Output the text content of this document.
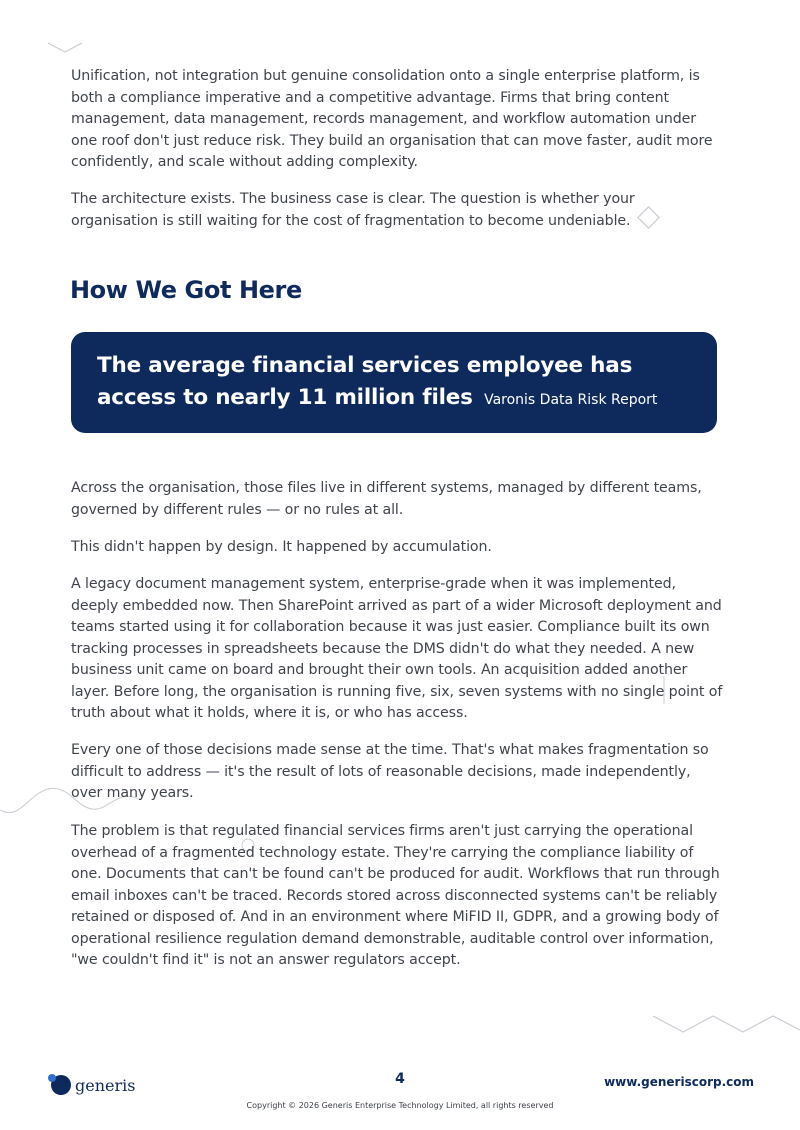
Unification, not integration but genuine consolidation onto a single enterprise platform, is both a compliance imperative and a competitive advantage. Firms that bring content management, data management, records management, and workflow automation under one roof don't just reduce risk. They build an organisation that can move faster, audit more confidently, and scale without adding complexity.

The architecture exists. The business case is clear. The question is whether your organisation is still waiting for the cost of fragmentation to become undeniable.

How We Got Here

The average financial services employee has access to nearly 11 million files Varonis Data Risk Report

Across the organisation, those files live in different systems, managed by different teams, governed by different rules — or no rules at all.

This didn't happen by design. It happened by accumulation.

A legacy document management system, enterprise-grade when it was implemented, deeply embedded now. Then SharePoint arrived as part of a wider Microsoft deployment and teams started using it for collaboration because it was just easier. Compliance built its own tracking processes in spreadsheets because the DMS didn't do what they needed. A new business unit came on board and brought their own tools. An acquisition added another layer. Before long, the organisation is running five, six, seven systems with no single point of truth about what it holds, where it is, or who has access.

Every one of those decisions made sense at the time. That's what makes fragmentation so difficult to address — it's the result of lots of reasonable decisions, made independently, over many years.

The problem is that regulated financial services firms aren't just carrying the operational overhead of a fragmented technology estate. They're carrying the compliance liability of one. Documents that can't be found can't be produced for audit. Workflows that run through email inboxes can't be traced. Records stored across disconnected systems can't be reliably retained or disposed of. And in an environment where MiFID II, GDPR, and a growing body of operational resilience regulation demand demonstrable, auditable control over information, "we couldn't find it" is not an answer regulators accept.

generis	4	www.generiscorp.com
Copyright © 2026 Generis Enterprise Technology Limited, all rights reserved
